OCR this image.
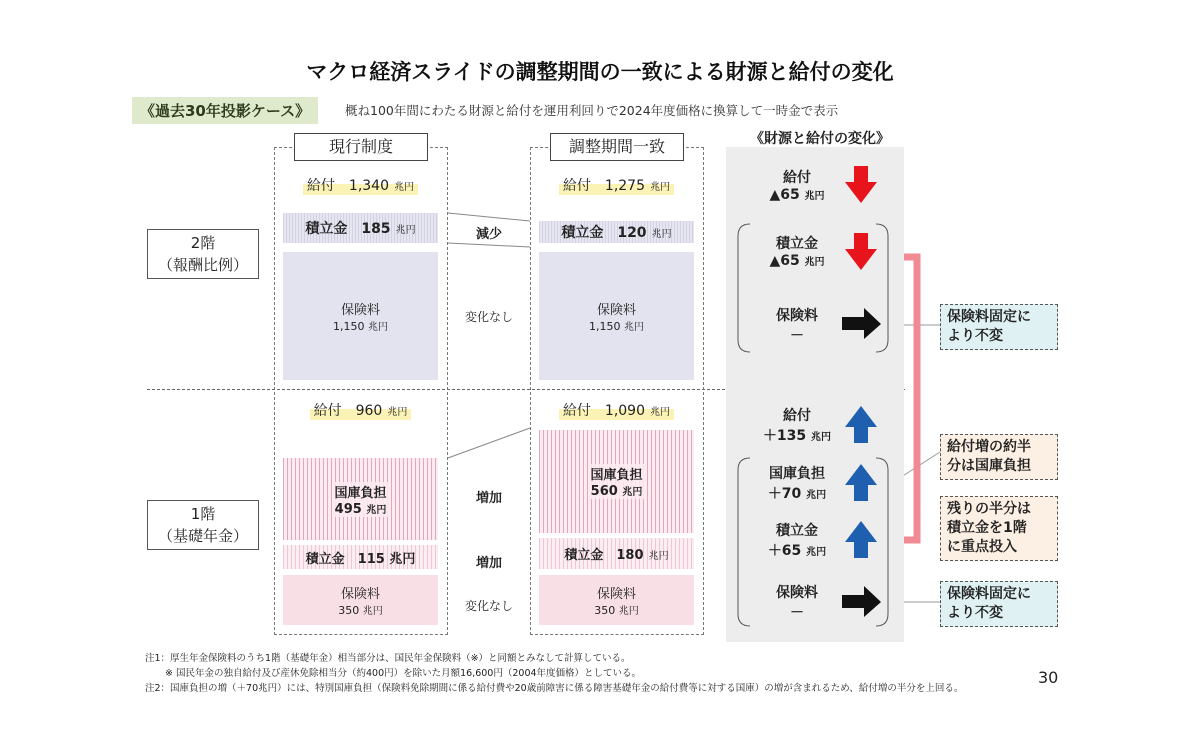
マクロ経済スライドの調整期間の一致による財源と給付の変化
《過去30年投影ケース》	概ね100年間にわたる財源と給付を運用利回りで2024年度価格に換算して一時金で表示
2階
（報酬比例）
1階
（基礎年金）
現行制度
給付　1,340 兆円
積立金　185 兆円
保険料
1,150 兆円
給付　960 兆円
国庫負担
495 兆円
積立金　115 兆円
保険料
350 兆円
減少
変化なし
増加
増加
変化なし
調整期間一致
給付　1,275 兆円
積立金　120 兆円
保険料
1,150 兆円
給付　1,090 兆円
国庫負担
560 兆円
積立金　180 兆円
保険料
350 兆円
《財源と給付の変化》
給付
▲65 兆円
積立金
▲65 兆円
保険料
－
給付
＋135 兆円
国庫負担
＋70 兆円
積立金
＋65 兆円
保険料
－
保険料固定に
より不変
給付増の約半
分は国庫負担
残りの半分は
積立金を1階
に重点投入
保険料固定に
より不変
注1：厚生年金保険料のうち1階（基礎年金）相当部分は、国民年金保険料（※）と同額とみなして計算している。
※ 国民年金の独自給付及び産休免除相当分（約400円）を除いた月額16,600円（2004年度価格）としている。
注2：国庫負担の増（＋70兆円）には、特別国庫負担（保険料免除期間に係る給付費や20歳前障害に係る障害基礎年金の給付費等に対する国庫）の増が含まれるため、給付増の半分を上回る。
30
